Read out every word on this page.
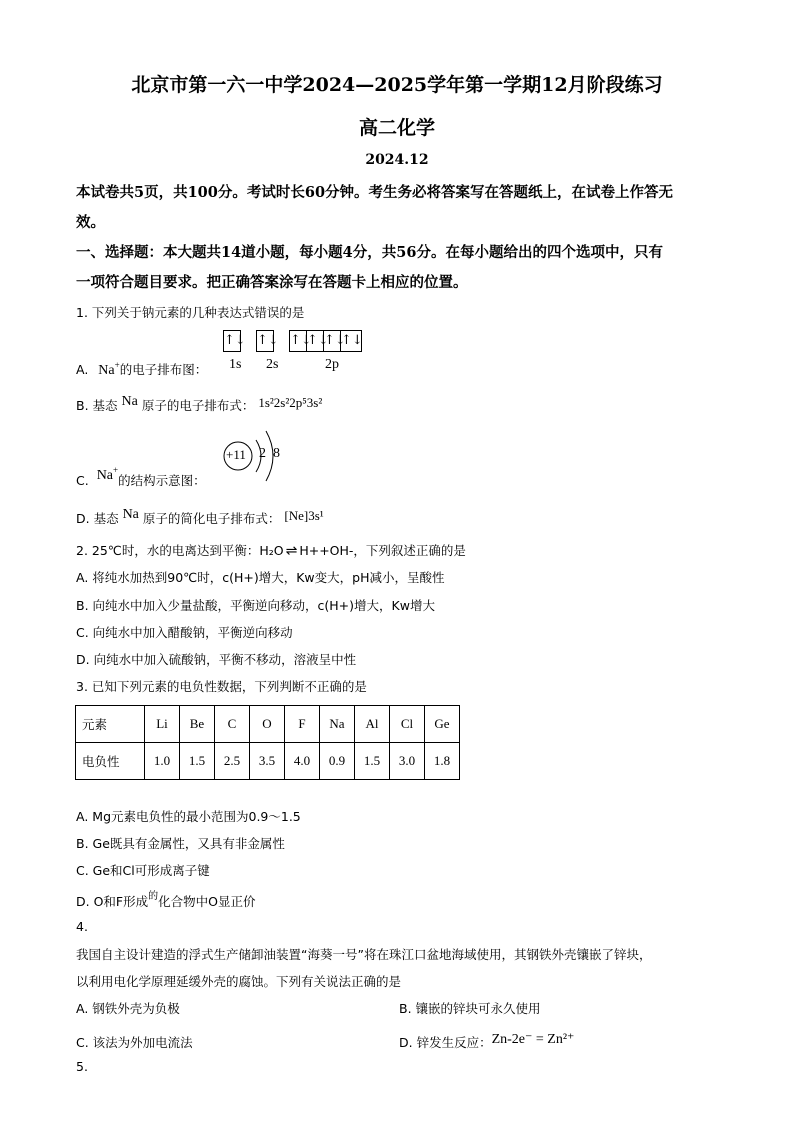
北京市第一六一中学2024—2025学年第一学期12月阶段练习
高二化学
2024.12
本试卷共5页，共100分。考试时长60分钟。考生务必将答案写在答题纸上，在试卷上作答无
效。
一、选择题：本大题共14道小题，每小题4分，共56分。在每小题给出的四个选项中，只有
一项符合题目要求。把正确答案涂写在答题卡上相应的位置。
1. 下列关于钠元素的几种表达式错误的是
A. Na+的电子排布图：
↑↓ ↑↓ ↑↓↑↓↑↓↑↓
1s 2s	2p
B. 基态 Na 原子的电子排布式： 1s²2s²2p⁵3s²
C. Na+的结构示意图：
+11 2 8
D. 基态 Na 原子的简化电子排布式： [Ne]3s¹
2. 25℃时，水的电离达到平衡：H₂O ⇌ H++OH-，下列叙述正确的是
A. 将纯水加热到90℃时，c(H+)增大，Kw变大，pH减小，呈酸性
B. 向纯水中加入少量盐酸，平衡逆向移动，c(H+)增大，Kw增大
C. 向纯水中加入醋酸钠，平衡逆向移动
D. 向纯水中加入硫酸钠，平衡不移动，溶液呈中性
3. 已知下列元素的电负性数据，下列判断不正确的是
元素	Li	Be	C	O	F	Na	Al	Cl	Ge
电负性	1.0	1.5	2.5	3.5	4.0	0.9	1.5	3.0	1.8
A. Mg元素电负性的最小范围为0.9～1.5
B. Ge既具有金属性，又具有非金属性
C. Ge和Cl可形成离子键
D. O和F形成$^的$化合物中O显正价
4.
我国自主设计建造的浮式生产储卸油装置“海葵一号”将在珠江口盆地海域使用，其钢铁外壳镶嵌了锌块，
以利用电化学原理延缓外壳的腐蚀。下列有关说法正确的是
A. 钢铁外壳为负极	B. 镶嵌的锌块可永久使用
C. 该法为外加电流法	D. 锌发生反应：Zn-2e⁻ = Zn²⁺
5.
